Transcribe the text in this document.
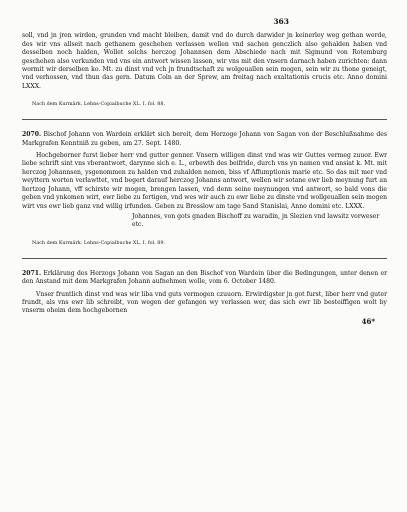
363

soll, vnd jn jren wirden, grunden vnd macht bleiben, damit vnd do durch darwider jn keinerley weg gethan werde, des wir vns allseit nach gethanem geschehen verlassen wellen vnd sachen genczlich also gehalden haben vnd desselben noch halden, Wollet solchs herczog Johannsen dem Abschiede nach mit Sigmund von Rotemburg geschehen also verkunden vnd vns ein antwort wissen lassen, wir vns mit den vnsern darnach haben zurichten: dann wormit wir derselben ko. Mt. zu dinst vnd vch jn frundtschaft zu wolgeuallen sein mogen, sein wir zu thone geneigt, vnd verhossen, vnd thun das gern. Datum Coln an der Sprew, am freitag nach exaltationis crucis etc. Anno domini LXXX.

Nach dem Kurmärk. Lehns-Copialbuche XL. I. fol. 88.
2070. Bischof Johann von Wardein erklärt sich bereit, dem Herzoge Johann von Sagan von der Beschlußnahme des Markgrafen Kenntniß zu geben, am 27. Sept. 1480.

Hochgeborner furst lieber herr vnd gutter genner. Vnsern willigen dinst vnd was wir Guttes vermeg zuuor. Ewr liebe schrift sint vns vberantwort, darynne sich e. L., erbewth des beifride, durch vns yn namen vnd ansiat k. Mt. mit herczog Johannsen, ysgenommen zu halden vnd zuhalden nemen, biss vf Affumptionis marie etc. So das mit mer vnd weyttern worten verlawttet, vnd begert darauf herczog Johanns antwort, wellen wir sotane ewr lieb meynung furt an hertzog Johann, vff schirste wir mogen, brengen lassen, vnd denn seine meynungen vnd antwort, so bald vons die geben vnd ynkomen wirt, ewr liebe zu fertigen, vnd wes wir auch zu ewr liebe zu dinste vnd wollgeuallen sein mogen wirt vns ewr lieb ganz vnd willig irfunden. Geben zu Bresslow am tage Sand Stanislai, Anno domini etc. LXXX.

Johannes, von gots gnaden Bischoff zu waradin, jn Slezien vnd lawsitz vorweser etc.
Nach dem Kurmärk. Lehns-Copialbuche XL. I. fol. 89.
2071. Erklärung des Herzogs Johann von Sagan an den Bischof von Wardein über die Bedingungen, unter denen er den Anstand mit dem Markgrafen Johann aufnehmen wolle, vom 6. October 1480.

Vnser fruntlich dinst vnd was wir liba vnd guts vermogen czuuorn. Erwirdigster jn got furst, liber herr vnd guter frundt, als vns ewr lib schreibt, von wegen der gefangen wy verlassen wer, das sich ewr lib besteiffigen wolt by vnserm oheim dem hochgebornen

46*
